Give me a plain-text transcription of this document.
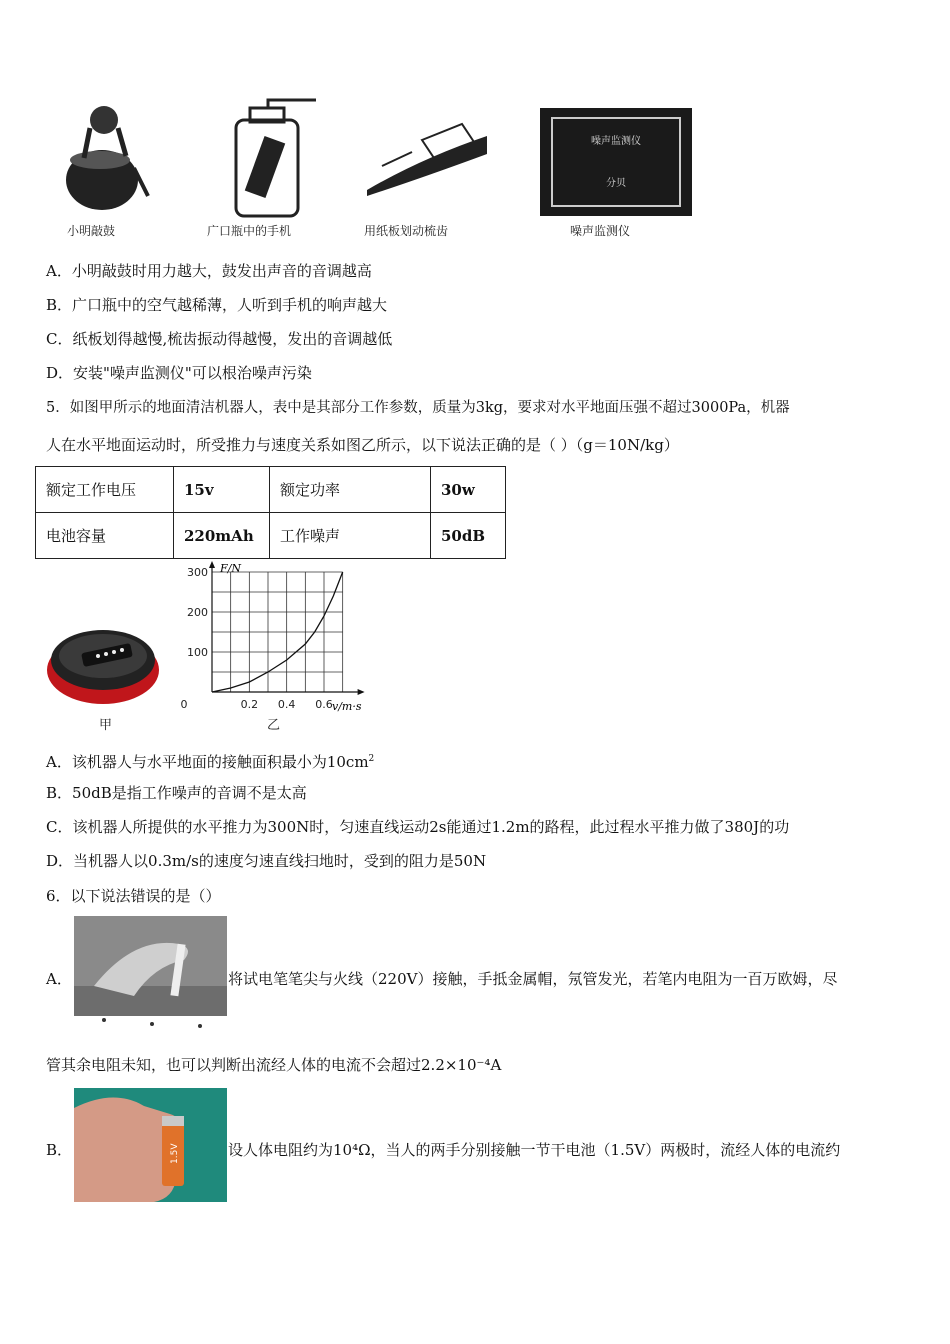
噪声监测仪
分贝
小明敲鼓	广口瓶中的手机	用纸板划动梳齿	噪声监测仪
A．小明敲鼓时用力越大，鼓发出声音的音调越高
B．广口瓶中的空气越稀薄，人听到手机的响声越大
C．纸板划得越慢,梳齿振动得越慢，发出的音调越低
D．安装"噪声监测仪"可以根治噪声污染
5．如图甲所示的地面清洁机器人，表中是其部分工作参数，质量为3kg，要求对水平地面压强不超过3000Pa，机器
人在水平地面运动时，所受推力与速度关系如图乙所示，以下说法正确的是（ ）（g＝10N/kg）
额定工作电压	15v	额定功率	30w
电池容量	220mAh	工作噪声	50dB
甲
F/N
v/m·s
0	0.2 0.4 0.6
100
200
300
乙
A．该机器人与水平地面的接触面积最小为$10cm^2$
B．50dB是指工作噪声的音调不是太高
C．该机器人所提供的水平推力为300N时，匀速直线运动2s能通过1.2m的路程，此过程水平推力做了380J的功
D．当机器人以0.3m/s的速度匀速直线扫地时，受到的阻力是50N
6．以下说法错误的是（）
A．	将试电笔笔尖与火线（220V）接触，手抵金属帽，氖管发光，若笔内电阻为一百万欧姆，尽
管其余电阻未知，也可以判断出流经人体的电流不会超过2.2×10⁻⁴A
B．	1.5V	设人体电阻约为10⁴Ω，当人的两手分别接触一节干电池（1.5V）两极时，流经人体的电流约
